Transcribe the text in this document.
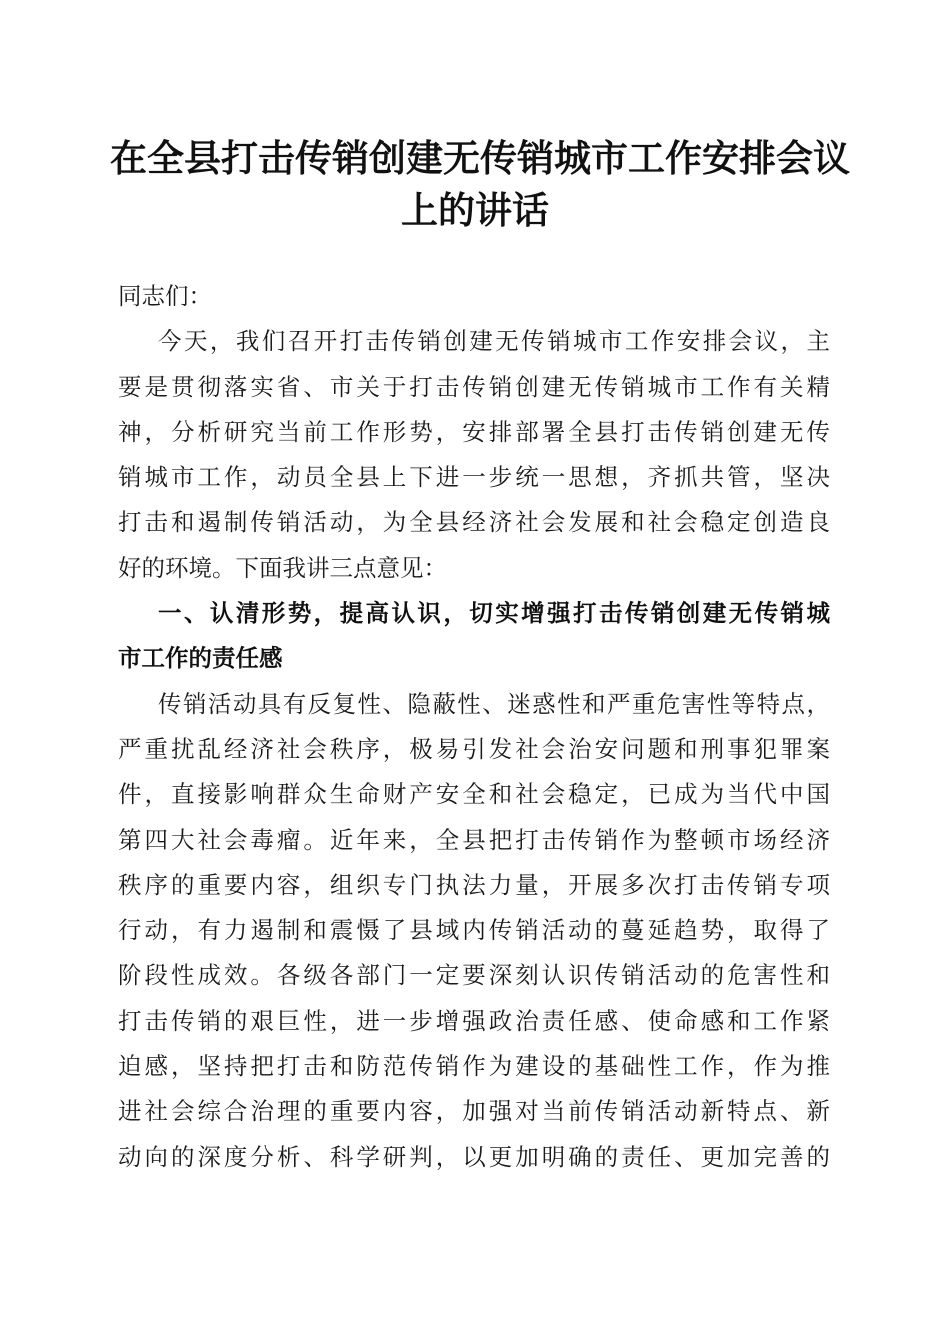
在全县打击传销创建无传销城市工作安排会议
上的讲话
同志们：
今天，我们召开打击传销创建无传销城市工作安排会议，主
要是贯彻落实省、市关于打击传销创建无传销城市工作有关精
神，分析研究当前工作形势，安排部署全县打击传销创建无传
销城市工作，动员全县上下进一步统一思想，齐抓共管，坚决
打击和遏制传销活动，为全县经济社会发展和社会稳定创造良
好的环境。下面我讲三点意见：
一、认清形势，提高认识，切实增强打击传销创建无传销城
市工作的责任感
传销活动具有反复性、隐蔽性、迷惑性和严重危害性等特点，
严重扰乱经济社会秩序，极易引发社会治安问题和刑事犯罪案
件，直接影响群众生命财产安全和社会稳定，已成为当代中国
第四大社会毒瘤。近年来，全县把打击传销作为整顿市场经济
秩序的重要内容，组织专门执法力量，开展多次打击传销专项
行动，有力遏制和震慑了县域内传销活动的蔓延趋势，取得了
阶段性成效。各级各部门一定要深刻认识传销活动的危害性和
打击传销的艰巨性，进一步增强政治责任感、使命感和工作紧
迫感，坚持把打击和防范传销作为建设的基础性工作，作为推
进社会综合治理的重要内容，加强对当前传销活动新特点、新
动向的深度分析、科学研判，以更加明确的责任、更加完善的
